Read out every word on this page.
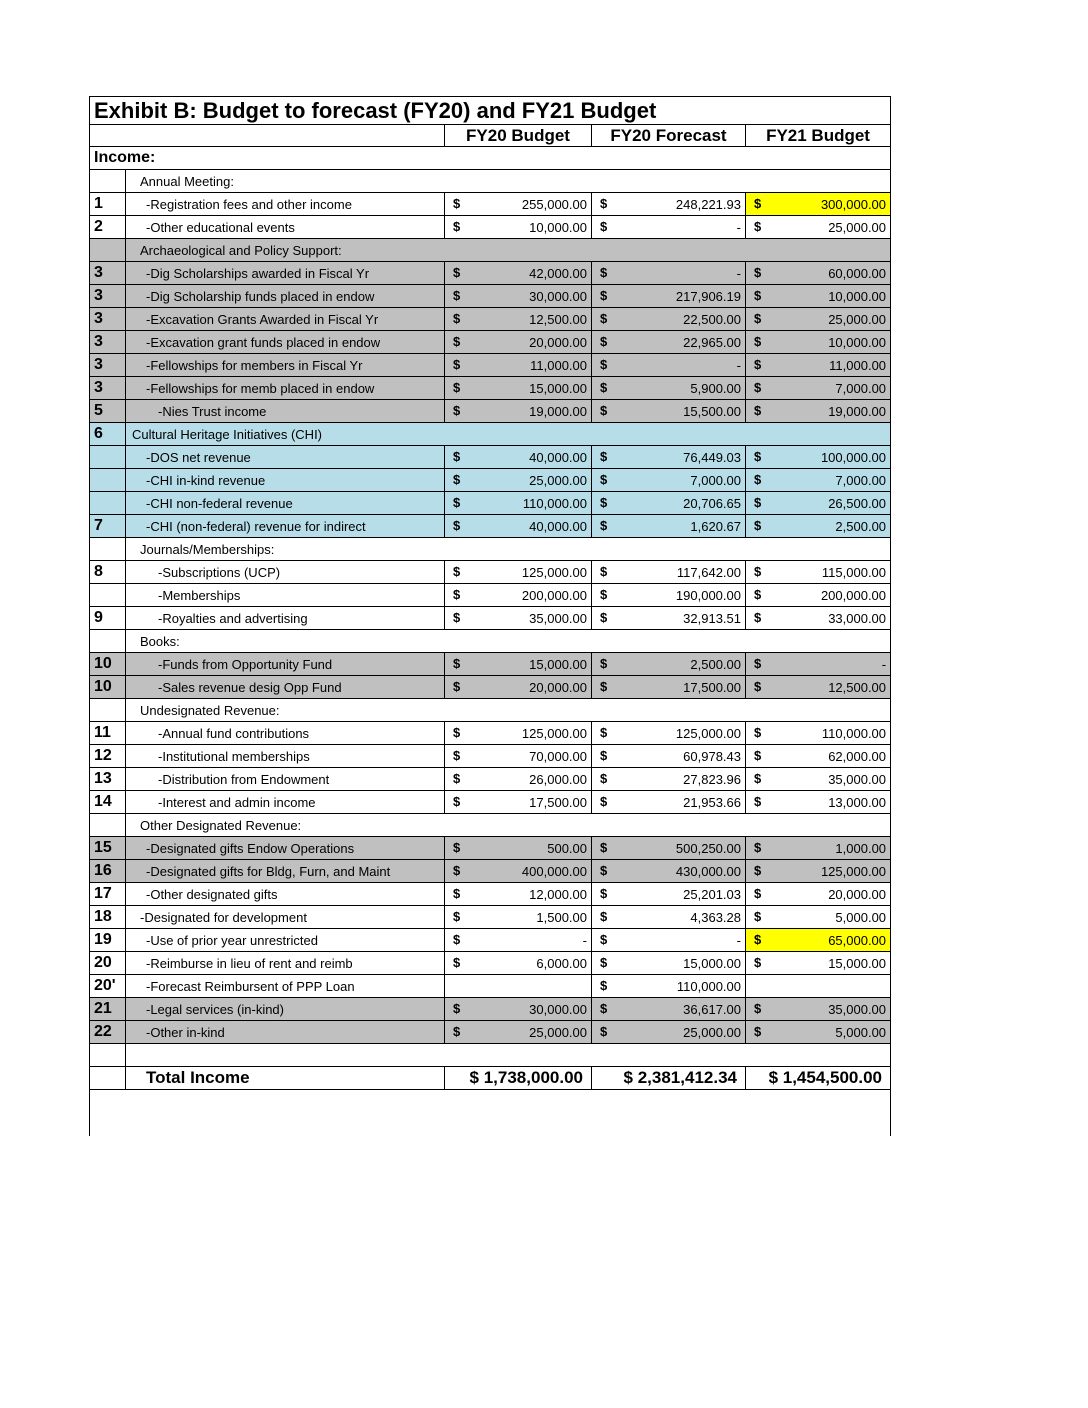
Exhibit B: Budget to forecast (FY20) and FY21 Budget				
		FY20 Budget	FY20 Forecast	FY21 Budget
Income:				
	Annual Meeting:			
1	-Registration fees and other income	$ 255,000.00	$ 248,221.93	$ 300,000.00

2	-Other educational events	$ 10,000.00	$ -	$ 25,000.00

	Archaeological and Policy Support:			
3	-Dig Scholarships awarded in Fiscal Yr	$ 42,000.00	$ -	$ 60,000.00

3	-Dig Scholarship funds placed in endow	$ 30,000.00	$ 217,906.19	$ 10,000.00

3	-Excavation Grants Awarded in Fiscal Yr	$ 12,500.00	$ 22,500.00	$ 25,000.00

3	-Excavation grant funds placed in endow	$ 20,000.00	$ 22,965.00	$ 10,000.00

3	-Fellowships for members in Fiscal Yr	$ 11,000.00	$ -	$ 11,000.00

3	-Fellowships for memb placed in endow	$ 15,000.00	$ 5,900.00	$ 7,000.00

5	-Nies Trust income	$ 19,000.00	$ 15,500.00	$ 19,000.00

6	Cultural Heritage Initiatives (CHI)			
	-DOS net revenue	$ 40,000.00	$ 76,449.03	$ 100,000.00

	-CHI in-kind revenue	$ 25,000.00	$ 7,000.00	$ 7,000.00

	-CHI non-federal revenue	$ 110,000.00	$ 20,706.65	$ 26,500.00

7	-CHI (non-federal) revenue for indirect	$ 40,000.00	$ 1,620.67	$ 2,500.00

	Journals/Memberships:			
8	-Subscriptions (UCP)	$ 125,000.00	$ 117,642.00	$ 115,000.00

	-Memberships	$ 200,000.00	$ 190,000.00	$ 200,000.00

9	-Royalties and advertising	$ 35,000.00	$ 32,913.51	$ 33,000.00

	Books:			
10	-Funds from Opportunity Fund	$ 15,000.00	$ 2,500.00	$ -

10	-Sales revenue desig Opp Fund	$ 20,000.00	$ 17,500.00	$ 12,500.00

	Undesignated Revenue:			
11	-Annual fund contributions	$ 125,000.00	$ 125,000.00	$ 110,000.00

12	-Institutional memberships	$ 70,000.00	$ 60,978.43	$ 62,000.00

13	-Distribution from Endowment	$ 26,000.00	$ 27,823.96	$ 35,000.00

14	-Interest and admin income	$ 17,500.00	$ 21,953.66	$ 13,000.00

	Other Designated Revenue:			
15	-Designated gifts Endow Operations	$ 500.00	$ 500,250.00	$ 1,000.00

16	-Designated gifts for Bldg, Furn, and Maint	$ 400,000.00	$ 430,000.00	$ 125,000.00

17	-Other designated gifts	$ 12,000.00	$ 25,201.03	$ 20,000.00

18	-Designated for development	$ 1,500.00	$ 4,363.28	$ 5,000.00

19	-Use of prior year unrestricted	$ -	$ -	$ 65,000.00

20	-Reimburse in lieu of rent and reimb	$ 6,000.00	$ 15,000.00	$ 15,000.00

20'	-Forecast Reimbursent of PPP Loan		$ 110,000.00	

21	-Legal services (in-kind)	$ 30,000.00	$ 36,617.00	$ 35,000.00

22	-Other in-kind	$ 25,000.00	$ 25,000.00	$ 5,000.00

	Total Income	$ 1,738,000.00	$ 2,381,412.34	$ 1,454,500.00
